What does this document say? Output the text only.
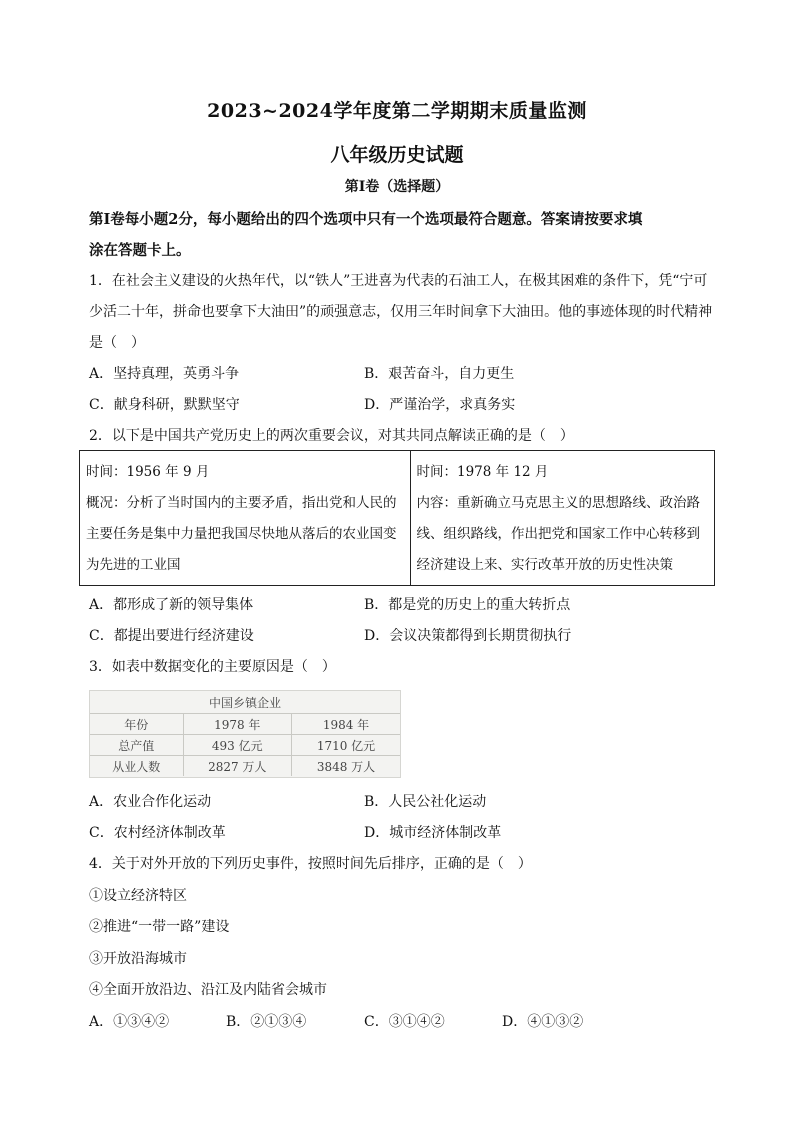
2023~2024学年度第二学期期末质量监测
八年级历史试题
第Ⅰ卷（选择题）
第Ⅰ卷每小题2分，每小题给出的四个选项中只有一个选项最符合题意。答案请按要求填
涂在答题卡上。
1．在社会主义建设的火热年代，以“铁人”王进喜为代表的石油工人，在极其困难的条件下，凭“宁可
少活二十年，拼命也要拿下大油田”的顽强意志，仅用三年时间拿下大油田。他的事迹体现的时代精神
是（　）
A．坚持真理，英勇斗争	B．艰苦奋斗，自力更生
C．献身科研，默默坚守	D．严谨治学，求真务实
2．以下是中国共产党历史上的两次重要会议，对其共同点解读正确的是（　）
时间：1956 年 9 月
概况：分析了当时国内的主要矛盾，指出党和人民的主要任务是集中力量把我国尽快地从落后的农业国变为先进的工业国

时间：1978 年 12 月
内容：重新确立马克思主义的思想路线、政治路线、组织路线，作出把党和国家工作中心转移到经济建设上来、实行改革开放的历史性决策
A．都形成了新的领导集体	B．都是党的历史上的重大转折点
C．都提出要进行经济建设	D．会议决策都得到长期贯彻执行
3．如表中数据变化的主要原因是（　）
中国乡镇企业		
年份	1978 年	1984 年
总产值	493 亿元	1710 亿元
从业人数	2827 万人	3848 万人
A．农业合作化运动	B．人民公社化运动
C．农村经济体制改革	D．城市经济体制改革
4．关于对外开放的下列历史事件，按照时间先后排序，正确的是（　）
①设立经济特区
②推进“一带一路”建设
③开放沿海城市
④全面开放沿边、沿江及内陆省会城市
A．①③④②	B．②①③④	C．③①④②	D．④①③②
